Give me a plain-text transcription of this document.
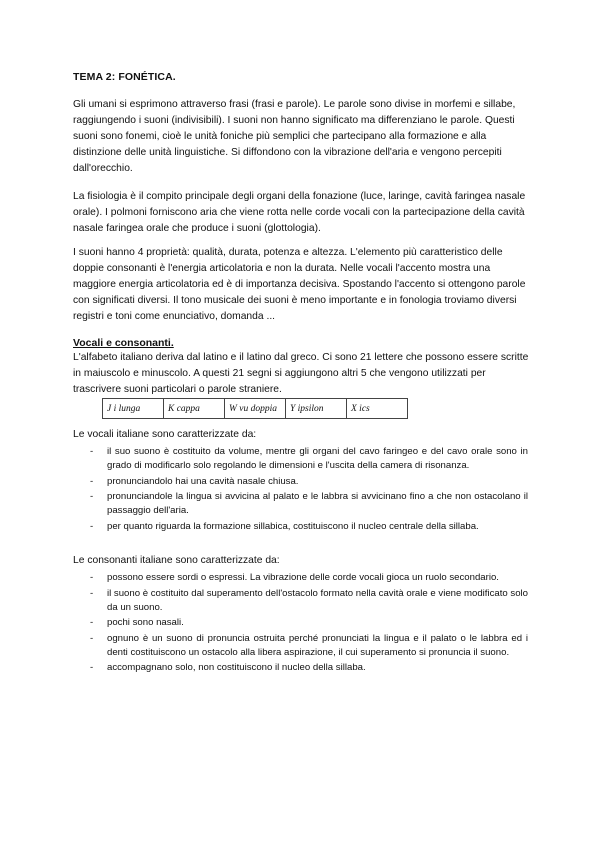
TEMA 2: FONÉTICA.

Gli umani si esprimono attraverso frasi (frasi e parole). Le parole sono divise in morfemi e sillabe, raggiungendo i suoni (indivisibili). I suoni non hanno significato ma differenziano le parole. Questi suoni sono fonemi, cioè le unità foniche più semplici che partecipano alla formazione e alla distinzione delle unità linguistiche. Si diffondono con la vibrazione dell'aria e vengono percepiti dall'orecchio.

La fisiologia è il compito principale degli organi della fonazione (luce, laringe, cavità faringea nasale orale). I polmoni forniscono aria che viene rotta nelle corde vocali con la partecipazione della cavità nasale faringea orale che produce i suoni (glottologia).

I suoni hanno 4 proprietà: qualità, durata, potenza e altezza. L'elemento più caratteristico delle doppie consonanti è l'energia articolatoria e non la durata. Nelle vocali l'accento mostra una maggiore energia articolatoria ed è di importanza decisiva. Spostando l'accento si ottengono parole con significati diversi. Il tono musicale dei suoni è meno importante e in fonologia troviamo diversi registri e toni come enunciativo, domanda ...

Vocali e consonanti.

L'alfabeto italiano deriva dal latino e il latino dal greco. Ci sono 21 lettere che possono essere scritte in maiuscolo e minuscolo. A questi 21 segni si aggiungono altri 5 che vengono utilizzati per trascrivere suoni particolari o parole straniere.

J i lunga	K cappa	W vu doppia	Y ipsilon	X ics

Le vocali italiane sono caratterizzate da:

- il suo suono è costituito da volume, mentre gli organi del cavo faringeo e del cavo orale sono in grado di modificarlo solo regolando le dimensioni e l'uscita della camera di risonanza.
- pronunciandolo hai una cavità nasale chiusa.
- pronunciandole la lingua si avvicina al palato e le labbra si avvicinano fino a che non ostacolano il passaggio dell'aria.
- per quanto riguarda la formazione sillabica, costituiscono il nucleo centrale della sillaba.

Le consonanti italiane sono caratterizzate da:

- possono essere sordi o espressi. La vibrazione delle corde vocali gioca un ruolo secondario.
- il suono è costituito dal superamento dell'ostacolo formato nella cavità orale e viene modificato solo da un suono.
- pochi sono nasali.
- ognuno è un suono di pronuncia ostruita perché pronunciati la lingua e il palato o le labbra ed i denti costituiscono un ostacolo alla libera aspirazione, il cui superamento si pronuncia il suono.
- accompagnano solo, non costituiscono il nucleo della sillaba.
